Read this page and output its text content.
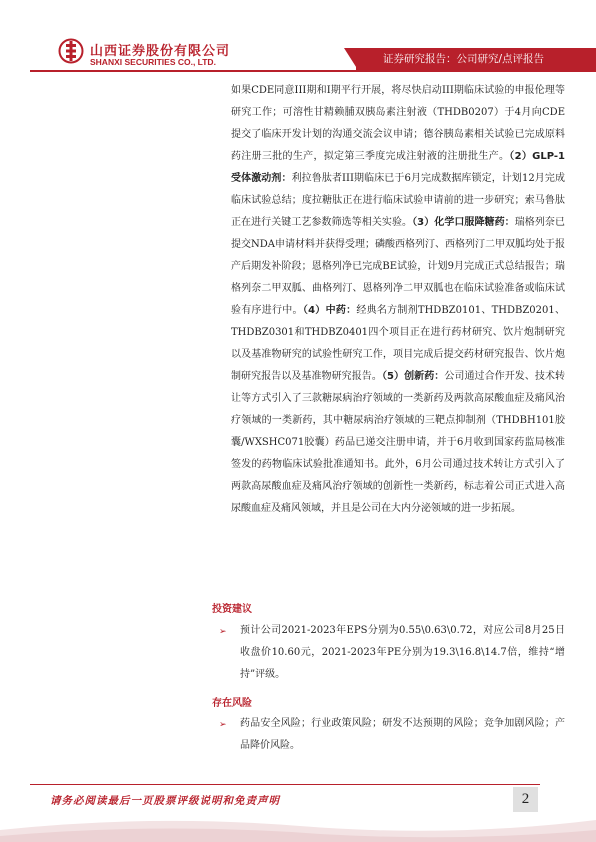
山西证券股份有限公司
SHANXI SECURITIES CO., LTD.	证券研究报告：公司研究/点评报告
如果CDE同意III期和I期平行开展，将尽快启动III期临床试验的申报伦理等研究工作；可溶性甘精赖脯双胰岛素注射液（THDB0207）于4月向CDE提交了临床开发计划的沟通交流会议申请；德谷胰岛素相关试验已完成原料药注册三批的生产，拟定第三季度完成注射液的注册批生产。（2）GLP-1受体激动剂：利拉鲁肽者III期临床已于6月完成数据库锁定，计划12月完成临床试验总结；度拉糖肽正在进行临床试验申请前的进一步研究；索马鲁肽正在进行关键工艺参数筛选等相关实验。（3）化学口服降糖药：瑞格列奈已提交NDA申请材料并获得受理；磷酸西格列汀、西格列汀二甲双胍均处于报产后期发补阶段；恩格列净已完成BE试验，计划9月完成正式总结报告；瑞格列奈二甲双胍、曲格列汀、恩格列净二甲双胍也在临床试验准备或临床试验有序进行中。（4）中药：经典名方制剂THDBZ0101、THDBZ0201、THDBZ0301和THDBZ0401四个项目正在进行药材研究、饮片炮制研究以及基准物研究的试验性研究工作，项目完成后提交药材研究报告、饮片炮制研究报告以及基准物研究报告。（5）创新药：公司通过合作开发、技术转让等方式引入了三款糖尿病治疗领域的一类新药及两款高尿酸血症及痛风治疗领域的一类新药，其中糖尿病治疗领域的三靶点抑制剂（THDBH101胶囊/WXSHC071胶囊）药品已递交注册申请，并于6月收到国家药监局核准签发的药物临床试验批准通知书。此外，6月公司通过技术转让方式引入了两款高尿酸血症及痛风治疗领域的创新性一类新药，标志着公司正式进入高尿酸血症及痛风领域，并且是公司在大内分泌领域的进一步拓展。
投资建议
➢ 预计公司2021-2023年EPS分别为0.55\0.63\0.72，对应公司8月25日收盘价10.60元，2021-2023年PE分别为19.3\16.8\14.7倍，维持“增持”评级。
存在风险
➢ 药品安全风险；行业政策风险；研发不达预期的风险；竞争加剧风险；产品降价风险。
请务必阅读最后一页股票评级说明和免责声明	2
